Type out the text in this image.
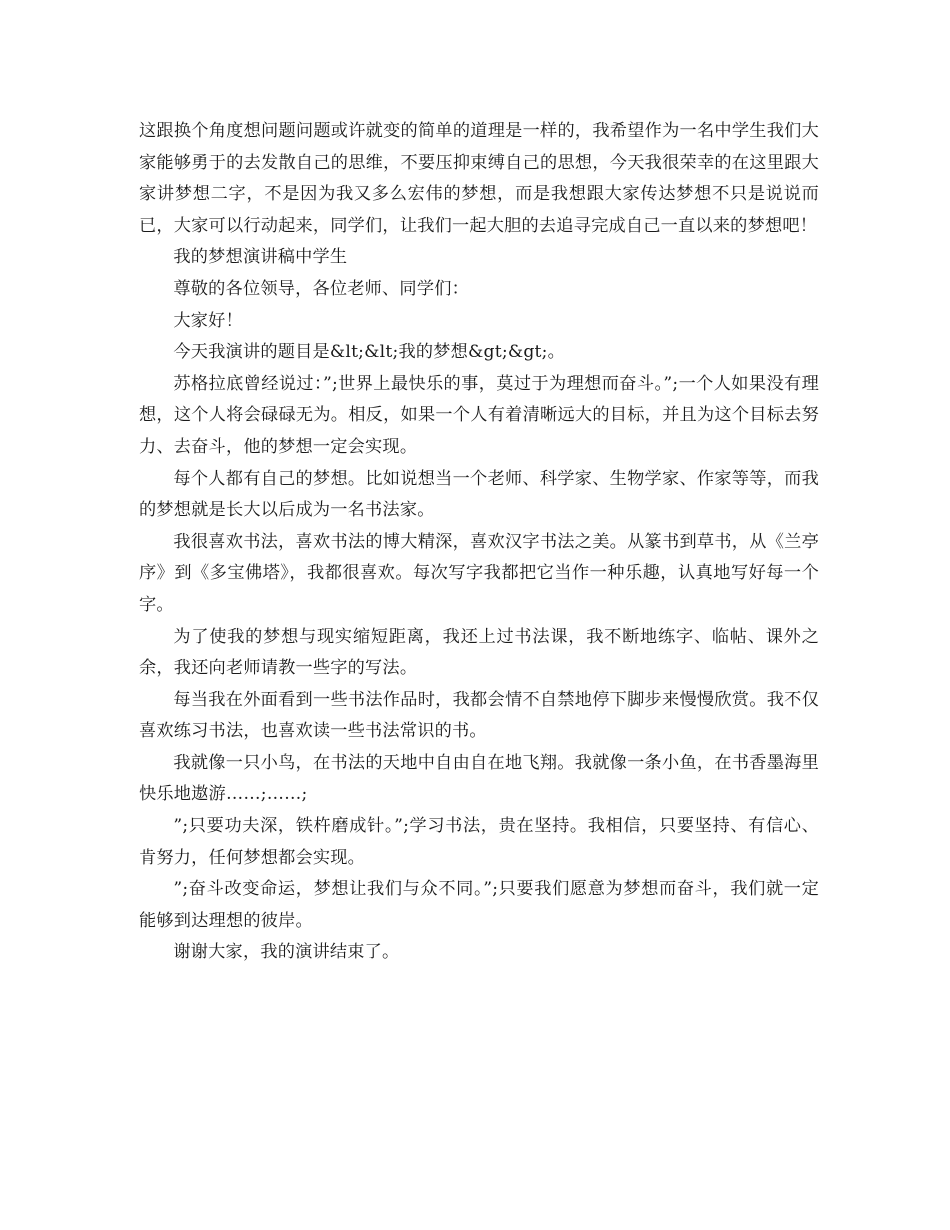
这跟换个角度想问题问题或许就变的简单的道理是一样的，我希望作为一名中学生我们大家能够勇于的去发散自己的思维，不要压抑束缚自己的思想，今天我很荣幸的在这里跟大家讲梦想二字，不是因为我又多么宏伟的梦想，而是我想跟大家传达梦想不只是说说而已，大家可以行动起来，同学们，让我们一起大胆的去追寻完成自己一直以来的梦想吧！

我的梦想演讲稿中学生

尊敬的各位领导，各位老师、同学们：

大家好！

今天我演讲的题目是&lt;&lt;我的梦想&gt;&gt;。

苏格拉底曾经说过：”;世界上最快乐的事，莫过于为理想而奋斗。”;一个人如果没有理想，这个人将会碌碌无为。相反，如果一个人有着清晰远大的目标，并且为这个目标去努力、去奋斗，他的梦想一定会实现。

每个人都有自己的梦想。比如说想当一个老师、科学家、生物学家、作家等等，而我的梦想就是长大以后成为一名书法家。

我很喜欢书法，喜欢书法的博大精深，喜欢汉字书法之美。从篆书到草书，从《兰亭序》到《多宝佛塔》，我都很喜欢。每次写字我都把它当作一种乐趣，认真地写好每一个字。

为了使我的梦想与现实缩短距离，我还上过书法课，我不断地练字、临帖、课外之余，我还向老师请教一些字的写法。

每当我在外面看到一些书法作品时，我都会情不自禁地停下脚步来慢慢欣赏。我不仅喜欢练习书法，也喜欢读一些书法常识的书。

我就像一只小鸟，在书法的天地中自由自在地飞翔。我就像一条小鱼，在书香墨海里快乐地遨游……;……;

”;只要功夫深，铁杵磨成针。”;学习书法，贵在坚持。我相信，只要坚持、有信心、肯努力，任何梦想都会实现。

”;奋斗改变命运，梦想让我们与众不同。”;只要我们愿意为梦想而奋斗，我们就一定能够到达理想的彼岸。

谢谢大家，我的演讲结束了。
